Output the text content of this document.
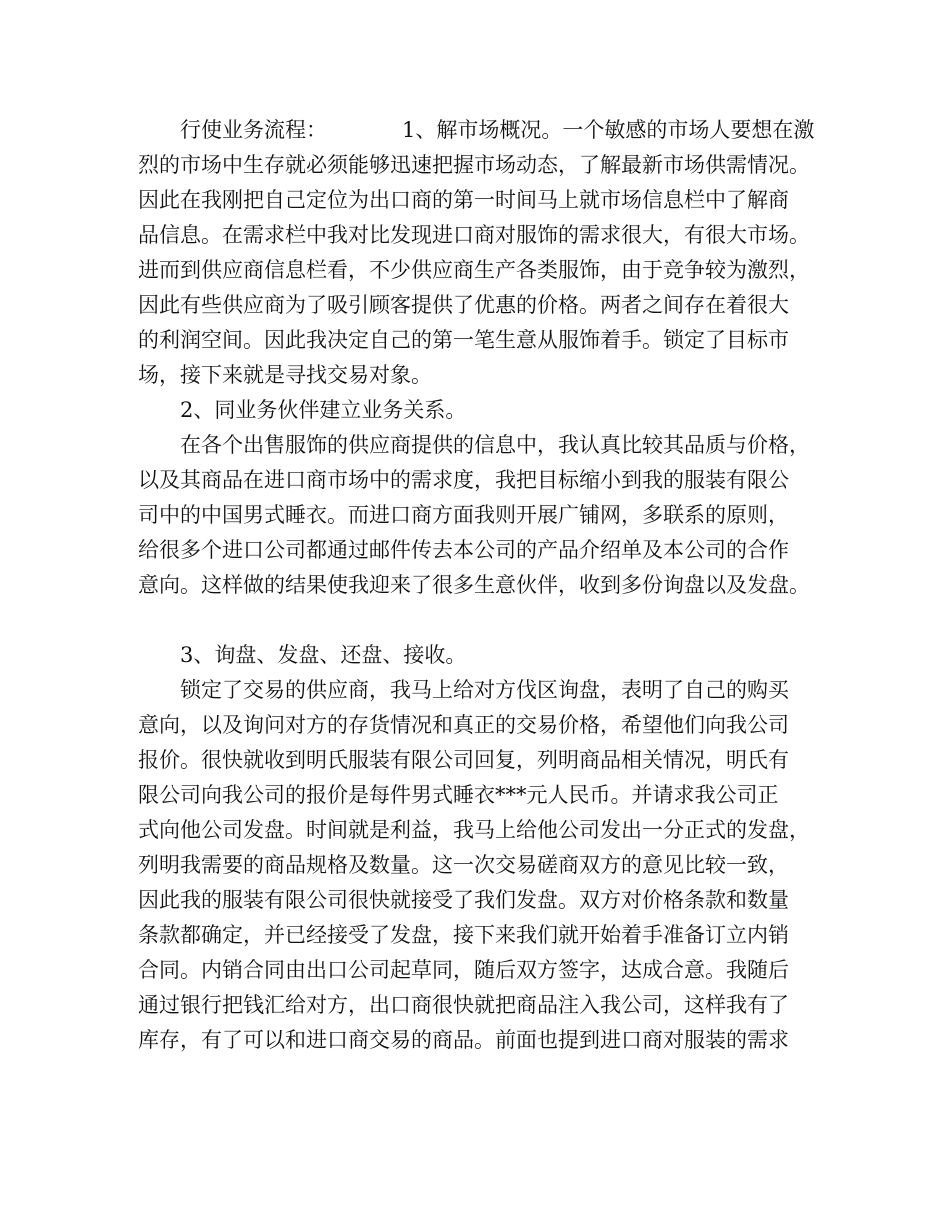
行使业务流程：	1、解市场概况。一个敏感的市场人要想在激
烈的市场中生存就必须能够迅速把握市场动态，了解最新市场供需情况。
因此在我刚把自己定位为出口商的第一时间马上就市场信息栏中了解商
品信息。在需求栏中我对比发现进口商对服饰的需求很大，有很大市场。
进而到供应商信息栏看，不少供应商生产各类服饰，由于竞争较为激烈，
因此有些供应商为了吸引顾客提供了优惠的价格。两者之间存在着很大
的利润空间。因此我决定自己的第一笔生意从服饰着手。锁定了目标市
场，接下来就是寻找交易对象。
2、同业务伙伴建立业务关系。
在各个出售服饰的供应商提供的信息中，我认真比较其品质与价格，
以及其商品在进口商市场中的需求度，我把目标缩小到我的服装有限公
司中的中国男式睡衣。而进口商方面我则开展广铺网，多联系的原则，
给很多个进口公司都通过邮件传去本公司的产品介绍单及本公司的合作
意向。这样做的结果使我迎来了很多生意伙伴，收到多份询盘以及发盘。
3、询盘、发盘、还盘、接收。
锁定了交易的供应商，我马上给对方伐区询盘，表明了自己的购买
意向，以及询问对方的存货情况和真正的交易价格，希望他们向我公司
报价。很快就收到明氏服装有限公司回复，列明商品相关情况，明氏有
限公司向我公司的报价是每件男式睡衣***元人民币。并请求我公司正
式向他公司发盘。时间就是利益，我马上给他公司发出一分正式的发盘，
列明我需要的商品规格及数量。这一次交易磋商双方的意见比较一致，
因此我的服装有限公司很快就接受了我们发盘。双方对价格条款和数量
条款都确定，并已经接受了发盘，接下来我们就开始着手准备订立内销
合同。内销合同由出口公司起草同，随后双方签字，达成合意。我随后
通过银行把钱汇给对方，出口商很快就把商品注入我公司，这样我有了
库存，有了可以和进口商交易的商品。前面也提到进口商对服装的需求
